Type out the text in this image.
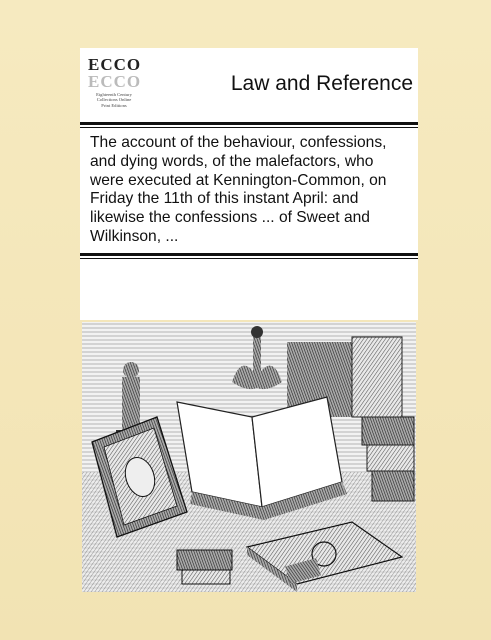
ECCO
ECCO
Eighteenth Century
Collections Online
Print Editions
Law and Reference
The account of the behaviour, confessions, and dying words, of the malefactors, who were executed at Kennington-Common, on Friday the 11th of this instant April: and likewise the confessions ... of Sweet and Wilkinson, ...
